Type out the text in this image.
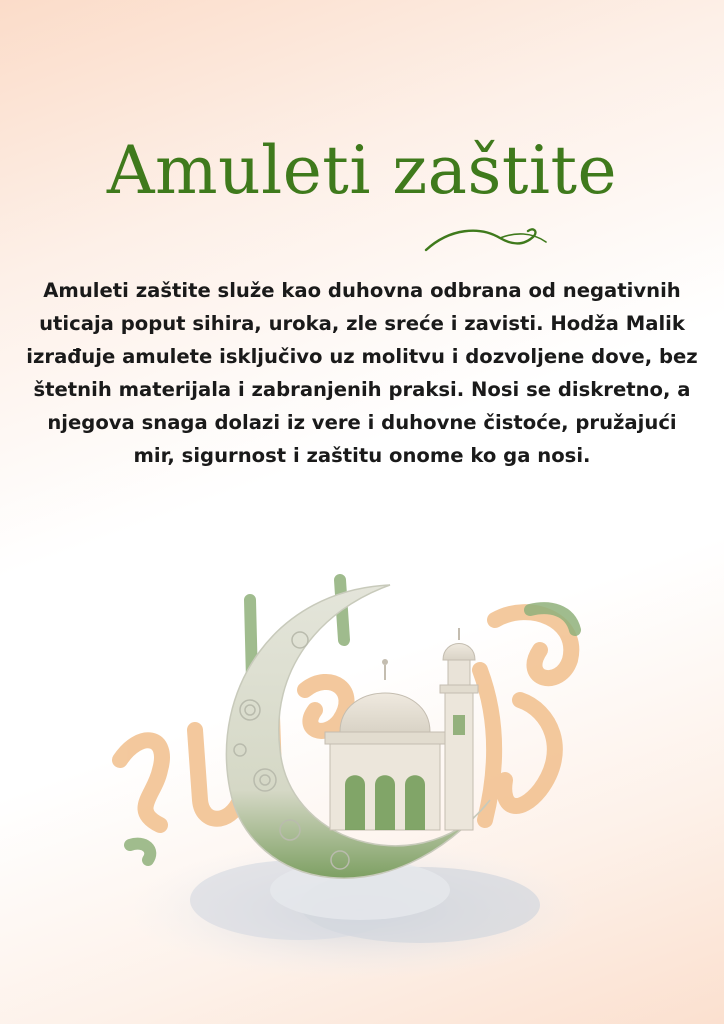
Amuleti zaštite
Amuleti zaštite služe kao duhovna odbrana od negativnih uticaja poput sihira, uroka, zle sreće i zavisti. Hodža Malik izrađuje amulete isključivo uz molitvu i dozvoljene dove, bez štetnih materijala i zabranjenih praksi. Nosi se diskretno, a njegova snaga dolazi iz vere i duhovne čistoće, pružajući mir, sigurnost i zaštitu onome ko ga nosi.
